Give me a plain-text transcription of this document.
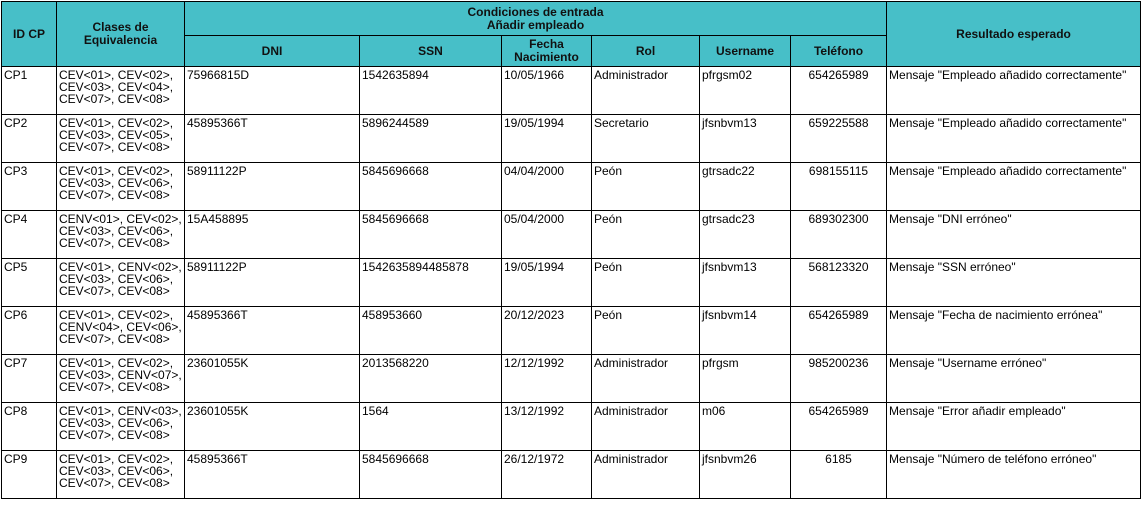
ID CP	Clases de Equivalencia	Condiciones de entrada
Añadir empleado						Resultado esperado
		DNI	SSN	Fecha Nacimiento	Rol	Username	Teléfono	
CP1	CEV<01>, CEV<02>,
CEV<03>, CEV<04>,
CEV<07>, CEV<08>	75966815D	1542635894	10/05/1966	Administrador	pfrgsm02	654265989	Mensaje "Empleado añadido correctamente"
CP2	CEV<01>, CEV<02>,
CEV<03>, CEV<05>,
CEV<07>, CEV<08>	45895366T	5896244589	19/05/1994	Secretario	jfsnbvm13	659225588	Mensaje "Empleado añadido correctamente"
CP3	CEV<01>, CEV<02>,
CEV<03>, CEV<06>,
CEV<07>, CEV<08>	58911122P	5845696668	04/04/2000	Peón	gtrsadc22	698155115	Mensaje "Empleado añadido correctamente"
CP4	CENV<01>, CEV<02>,
CEV<03>, CEV<06>,
CEV<07>, CEV<08>	15A458895	5845696668	05/04/2000	Peón	gtrsadc23	689302300	Mensaje "DNI erróneo"
CP5	CEV<01>, CENV<02>,
CEV<03>, CEV<06>,
CEV<07>, CEV<08>	58911122P	1542635894485878	19/05/1994	Peón	jfsnbvm13	568123320	Mensaje "SSN erróneo"
CP6	CEV<01>, CEV<02>,
CENV<04>, CEV<06>,
CEV<07>, CEV<08>	45895366T	458953660	20/12/2023	Peón	jfsnbvm14	654265989	Mensaje "Fecha de nacimiento errónea"
CP7	CEV<01>, CEV<02>,
CEV<03>, CENV<07>,
CEV<07>, CEV<08>	23601055K	2013568220	12/12/1992	Administrador	pfrgsm	985200236	Mensaje "Username erróneo"
CP8	CEV<01>, CENV<03>,
CEV<03>, CEV<06>,
CEV<07>, CEV<08>	23601055K	1564	13/12/1992	Administrador	m06	654265989	Mensaje "Error añadir empleado"
CP9	CEV<01>, CEV<02>,
CEV<03>, CEV<06>,
CEV<07>, CEV<08>	45895366T	5845696668	26/12/1972	Administrador	jfsnbvm26	6185	Mensaje "Número de teléfono erróneo"
